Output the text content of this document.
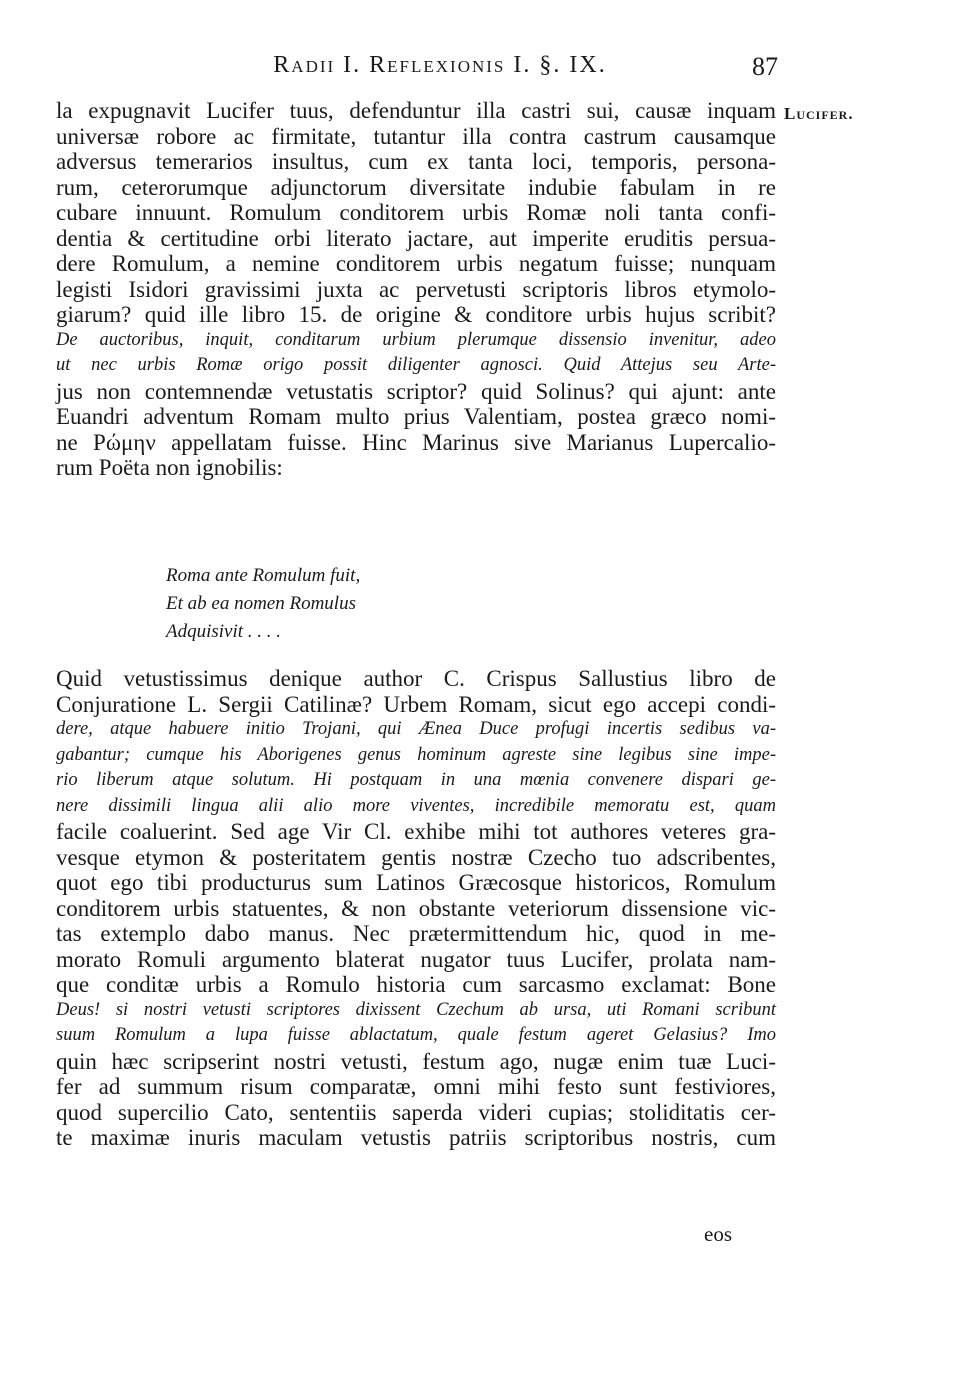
Radii I. Reflexionis I. §. IX.	87
Lucifer.
la expugnavit Lucifer tuus, defenduntur illa castri sui, causæ inquam
universæ robore ac firmitate, tutantur illa contra castrum causamque
adversus temerarios insultus, cum ex tanta loci, temporis, persona-
rum, ceterorumque adjunctorum diversitate indubie fabulam in re
cubare innuunt. Romulum conditorem urbis Romæ noli tanta confi-
dentia & certitudine orbi literato jactare, aut imperite eruditis persua-
dere Romulum, a nemine conditorem urbis negatum fuisse; nunquam
legisti Isidori gravissimi juxta ac pervetusti scriptoris libros etymolo-
giarum? quid ille libro 15. de origine & conditore urbis hujus scribit?
De auctoribus, inquit, conditarum urbium plerumque dissensio invenitur, adeo
ut nec urbis Romæ origo possit diligenter agnosci. Quid Attejus seu Arte-
jus non contemnendæ vetustatis scriptor? quid Solinus? qui ajunt: ante
Euandri adventum Romam multo prius Valentiam, postea græco nomi-
ne Ρώμην appellatam fuisse. Hinc Marinus sive Marianus Lupercalio-
rum Poëta non ignobilis:
Roma ante Romulum fuit,
Et ab ea nomen Romulus
Adquisivit . . . .
Quid vetustissimus denique author C. Crispus Sallustius libro de
Conjuratione L. Sergii Catilinæ? Urbem Romam, sicut ego accepi condi-
dere, atque habuere initio Trojani, qui Ænea Duce profugi incertis sedibus va-
gabantur; cumque his Aborigenes genus hominum agreste sine legibus sine impe-
rio liberum atque solutum. Hi postquam in una mœnia convenere dispari ge-
nere dissimili lingua alii alio more viventes, incredibile memoratu est, quam
facile coaluerint. Sed age Vir Cl. exhibe mihi tot authores veteres gra-
vesque etymon & posteritatem gentis nostræ Czecho tuo adscribentes,
quot ego tibi producturus sum Latinos Græcosque historicos, Romulum
conditorem urbis statuentes, & non obstante veteriorum dissensione vic-
tas extemplo dabo manus. Nec prætermittendum hic, quod in me-
morato Romuli argumento blaterat nugator tuus Lucifer, prolata nam-
que conditæ urbis a Romulo historia cum sarcasmo exclamat: Bone
Deus! si nostri vetusti scriptores dixissent Czechum ab ursa, uti Romani scribunt
suum Romulum a lupa fuisse ablactatum, quale festum ageret Gelasius? Imo
quin hæc scripserint nostri vetusti, festum ago, nugæ enim tuæ Luci-
fer ad summum risum comparatæ, omni mihi festo sunt festiviores,
quod supercilio Cato, sententiis saperda videri cupias; stoliditatis cer-
te maximæ inuris maculam vetustis patriis scriptoribus nostris, cum
eos
